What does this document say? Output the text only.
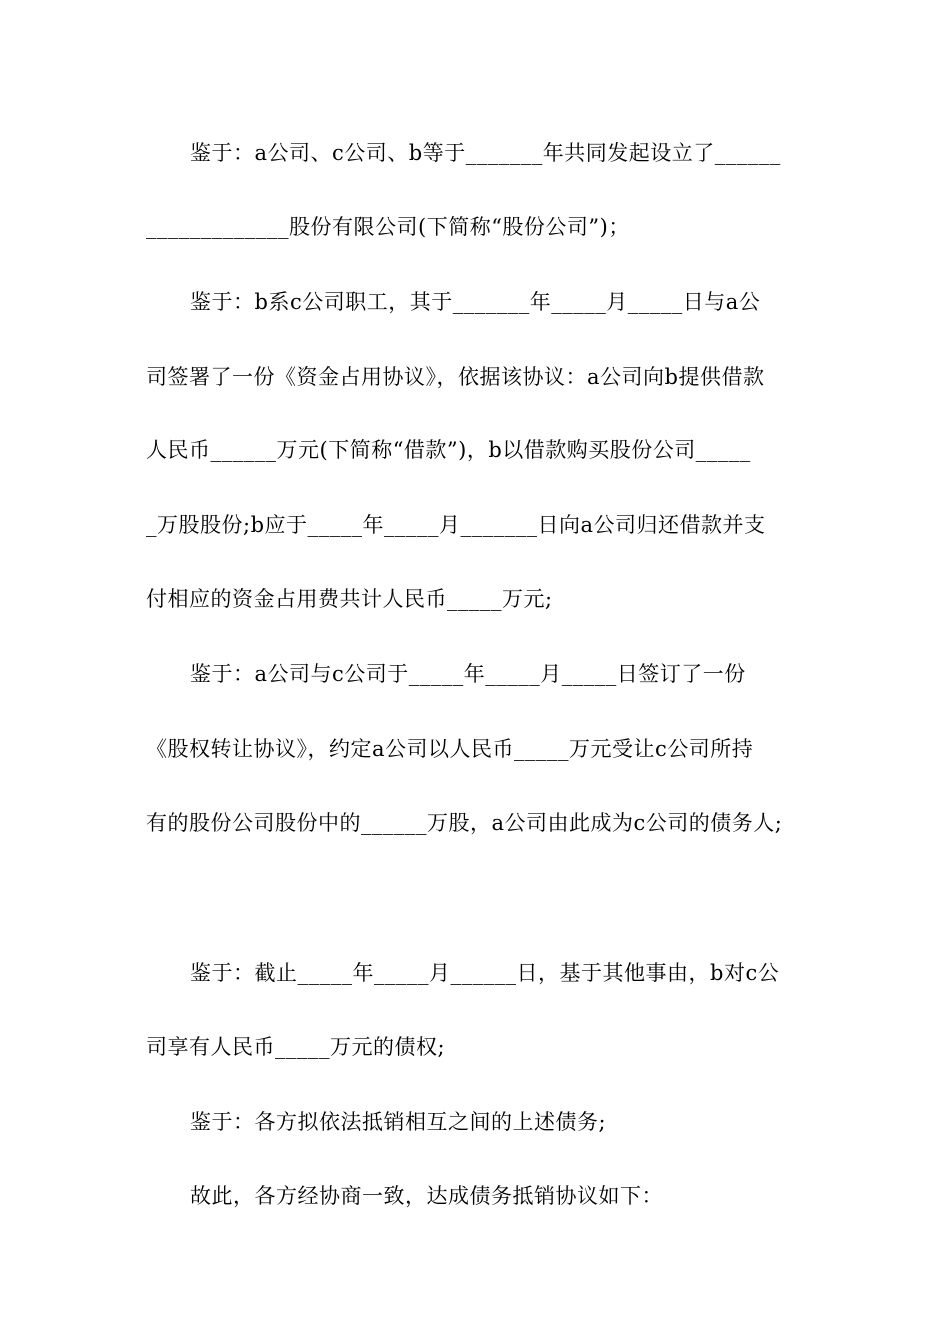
鉴于：a公司、c公司、b等于_______年共同发起设立了______
_____________股份有限公司(下简称“股份公司”)；
鉴于：b系c公司职工，其于_______年_____月_____日与a公
司签署了一份《资金占用协议》，依据该协议：a公司向b提供借款
人民币______万元(下简称“借款”)，b以借款购买股份公司_____
_万股股份;b应于_____年_____月_______日向a公司归还借款并支
付相应的资金占用费共计人民币_____万元;
鉴于：a公司与c公司于_____年_____月_____日签订了一份
《股权转让协议》，约定a公司以人民币_____万元受让c公司所持
有的股份公司股份中的______万股，a公司由此成为c公司的债务人;
鉴于：截止_____年_____月______日，基于其他事由，b对c公
司享有人民币_____万元的债权;
鉴于：各方拟依法抵销相互之间的上述债务;
故此，各方经协商一致，达成债务抵销协议如下：
